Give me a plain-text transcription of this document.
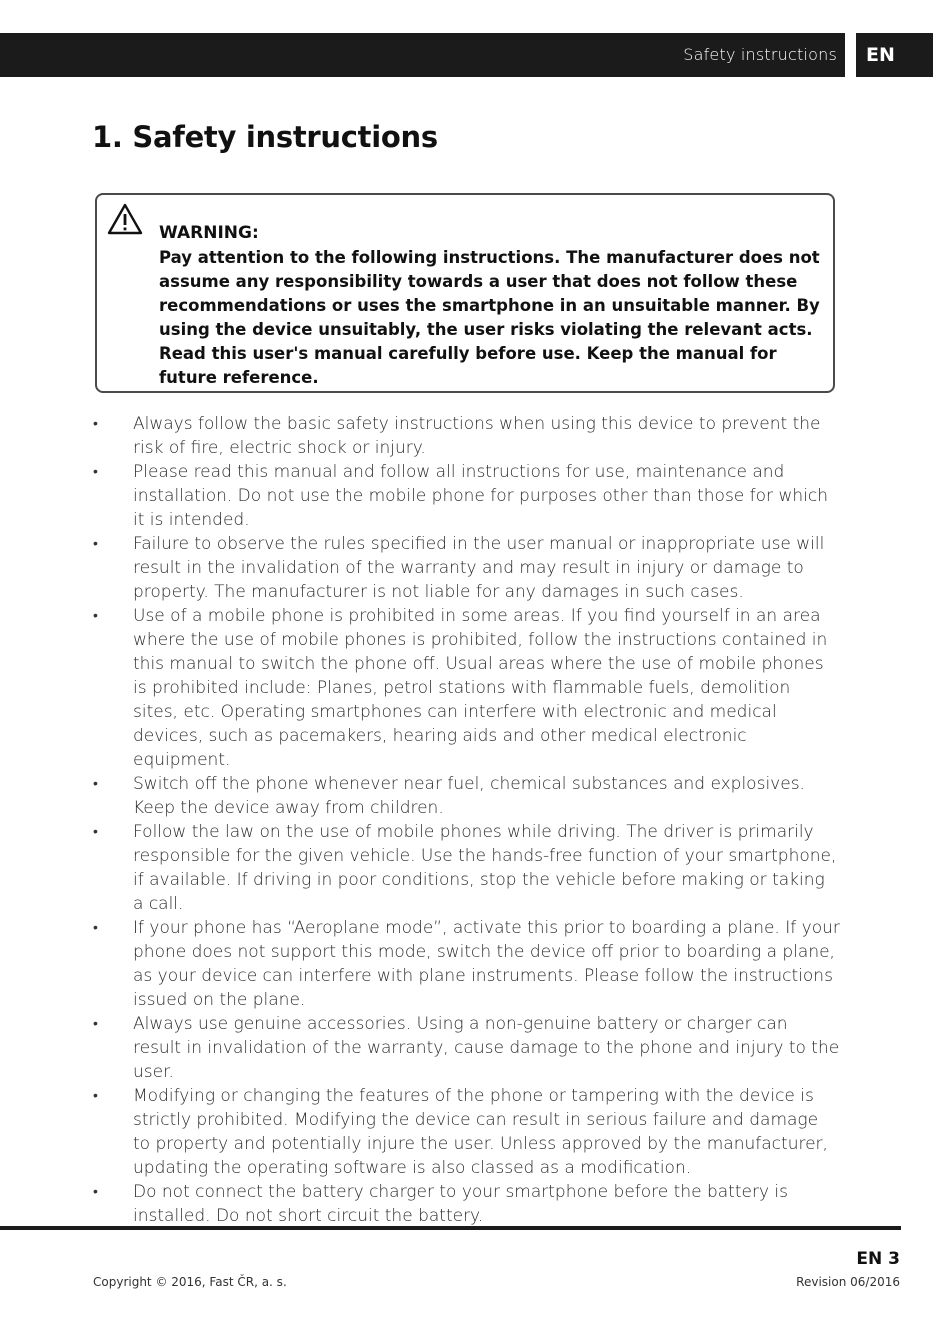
Safety instructions EN
1. Safety instructions
WARNING:

Pay attention to the following instructions. The manufacturer does not assume any responsibility towards a user that does not follow these recommendations or uses the smartphone in an unsuitable manner. By using the device unsuitably, the user risks violating the relevant acts.

Read this user's manual carefully before use. Keep the manual for future reference.

• Always follow the basic safety instructions when using this device to prevent the risk of fire, electric shock or injury.
• Please read this manual and follow all instructions for use, maintenance and installation. Do not use the mobile phone for purposes other than those for which it is intended.
• Failure to observe the rules specified in the user manual or inappropriate use will result in the invalidation of the warranty and may result in injury or damage to property. The manufacturer is not liable for any damages in such cases.
• Use of a mobile phone is prohibited in some areas. If you find yourself in an area where the use of mobile phones is prohibited, follow the instructions contained in this manual to switch the phone off. Usual areas where the use of mobile phones is prohibited include: Planes, petrol stations with flammable fuels, demolition sites, etc. Operating smartphones can interfere with electronic and medical devices, such as pacemakers, hearing aids and other medical electronic equipment.
• Switch off the phone whenever near fuel, chemical substances and explosives. Keep the device away from children.
• Follow the law on the use of mobile phones while driving. The driver is primarily responsible for the given vehicle. Use the hands-free function of your smartphone, if available. If driving in poor conditions, stop the vehicle before making or taking a call.
• If your phone has “Aeroplane mode”, activate this prior to boarding a plane. If your phone does not support this mode, switch the device off prior to boarding a plane, as your device can interfere with plane instruments. Please follow the instructions issued on the plane.
• Always use genuine accessories. Using a non-genuine battery or charger can result in invalidation of the warranty, cause damage to the phone and injury to the user.
• Modifying or changing the features of the phone or tampering with the device is strictly prohibited. Modifying the device can result in serious failure and damage to property and potentially injure the user. Unless approved by the manufacturer, updating the operating software is also classed as a modification.
• Do not connect the battery charger to your smartphone before the battery is installed. Do not short circuit the battery.
EN 3
Copyright © 2016, Fast ČR, a. s.	Revision 06/2016
